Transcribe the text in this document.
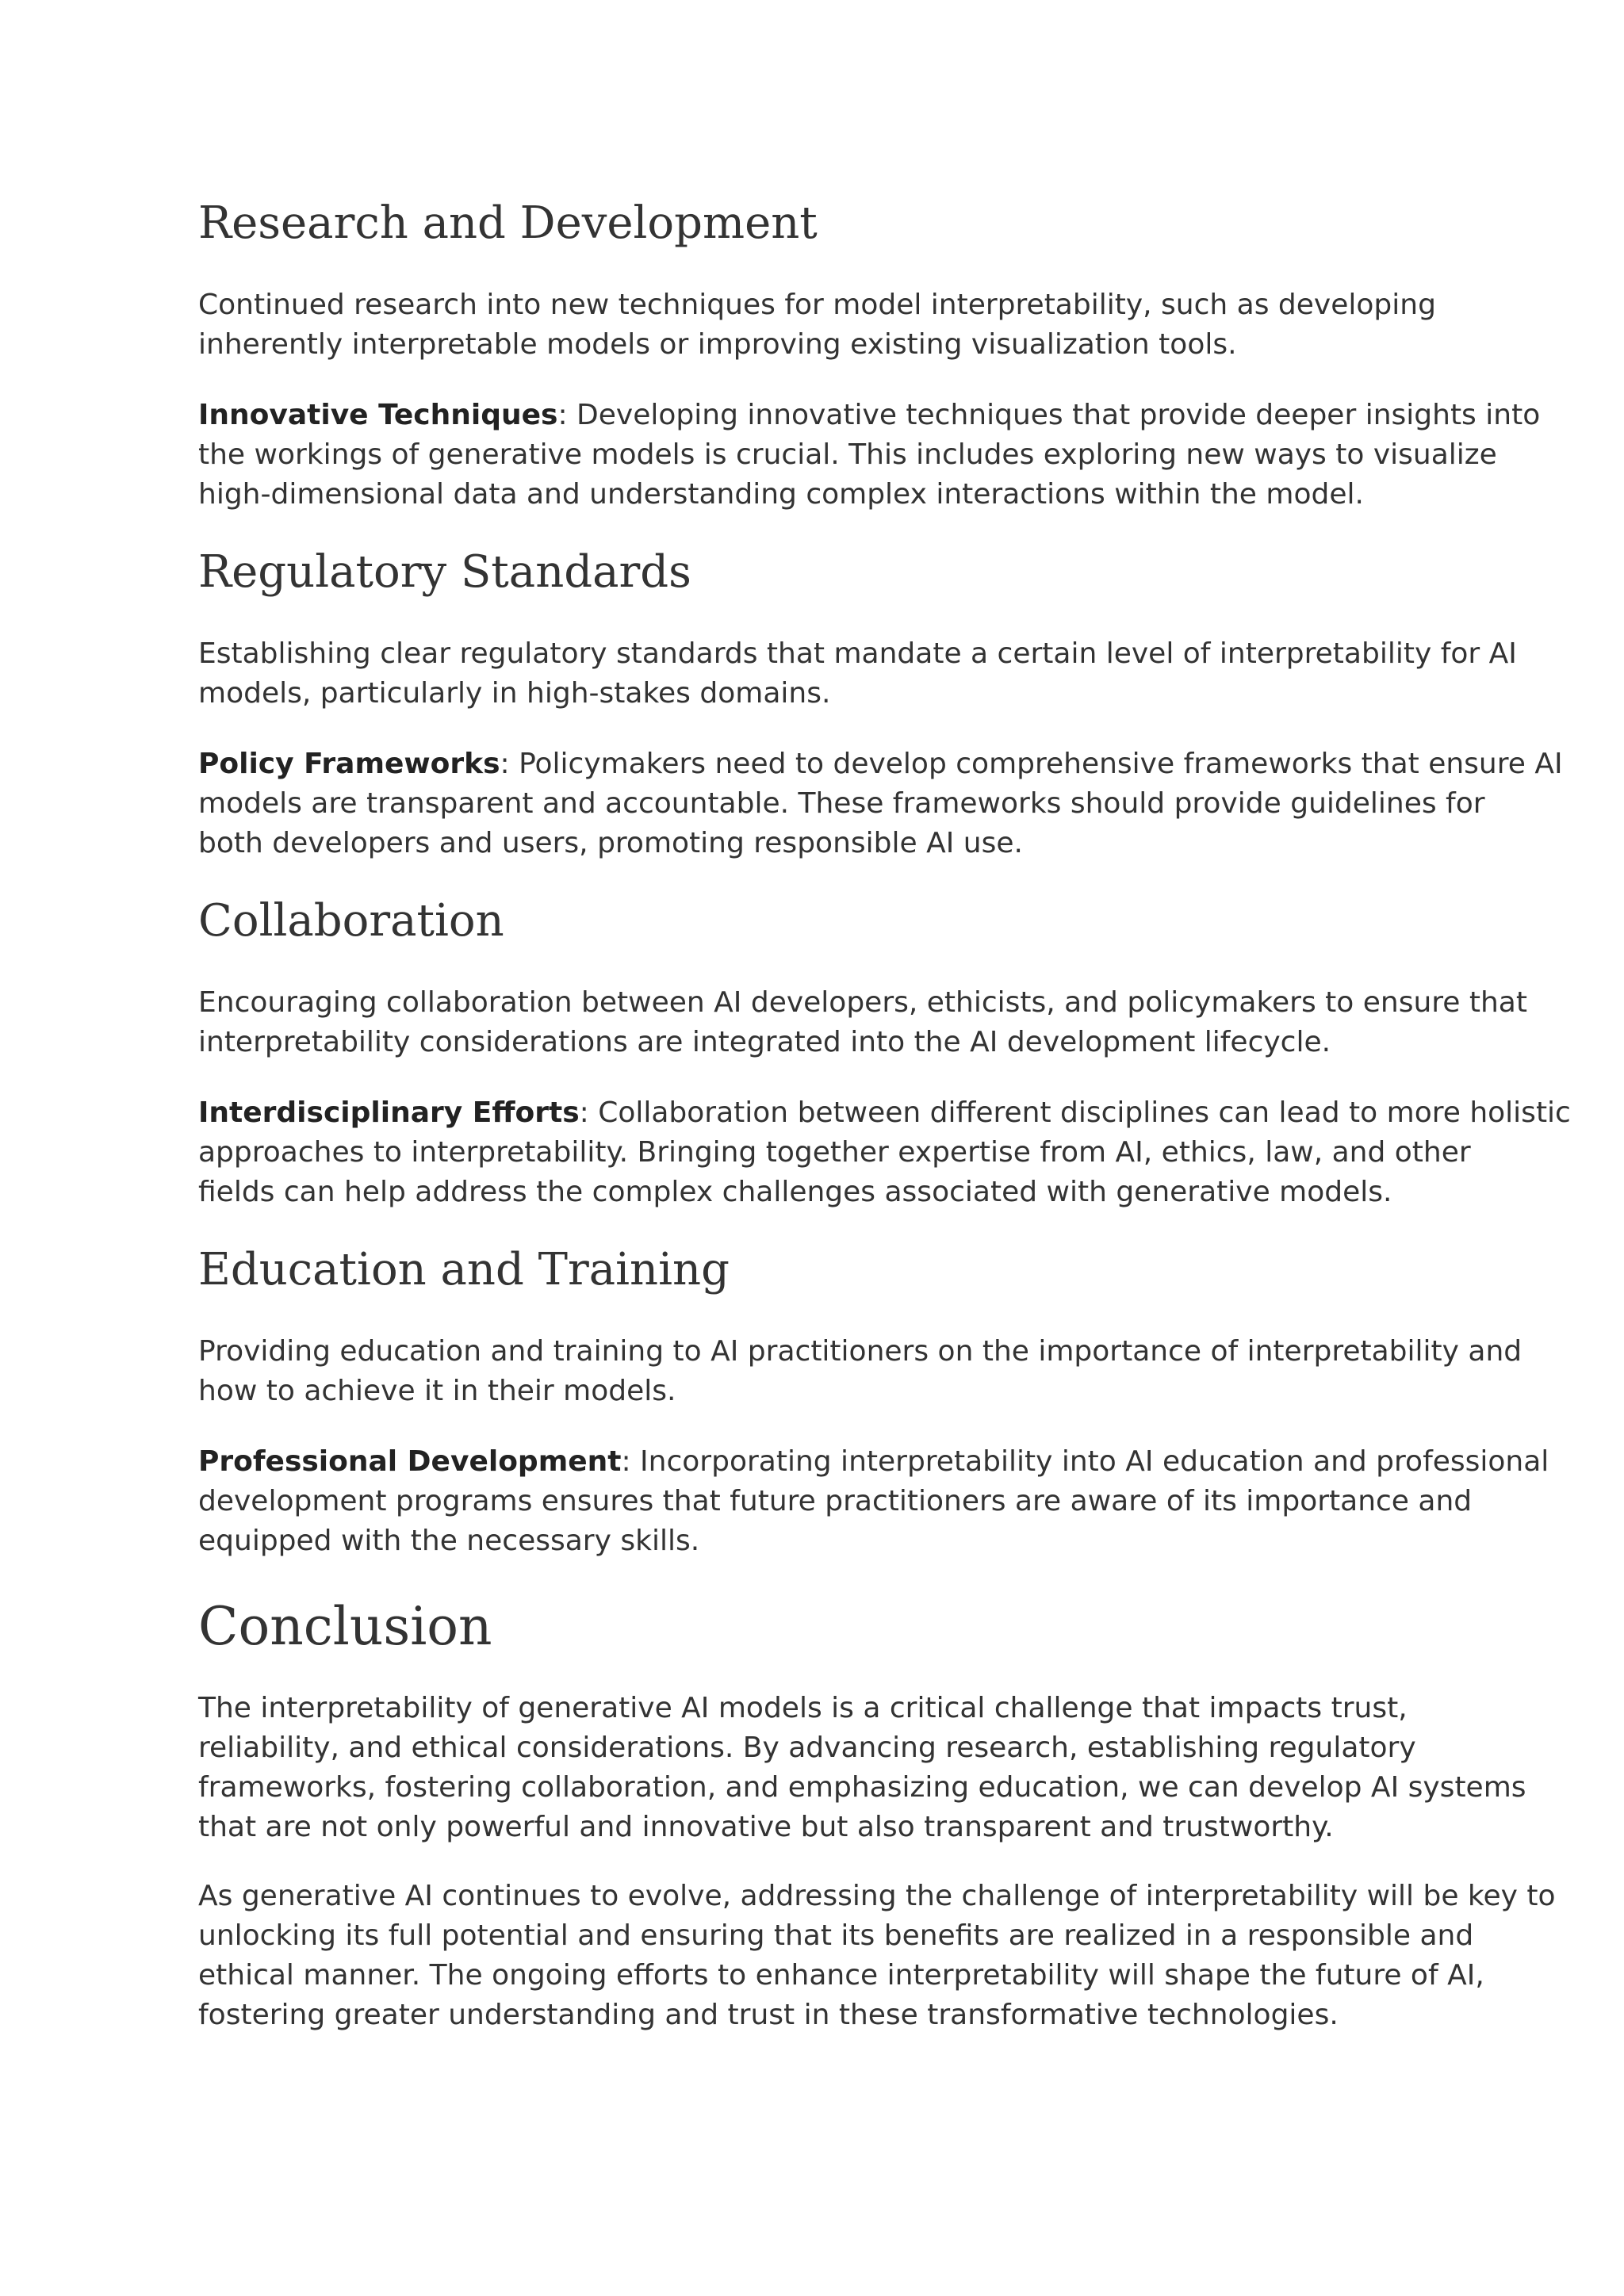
Research and Development

Continued research into new techniques for model interpretability, such as developing
inherently interpretable models or improving existing visualization tools.

Innovative Techniques: Developing innovative techniques that provide deeper insights into
the workings of generative models is crucial. This includes exploring new ways to visualize
high-dimensional data and understanding complex interactions within the model.

Regulatory Standards

Establishing clear regulatory standards that mandate a certain level of interpretability for AI
models, particularly in high-stakes domains.

Policy Frameworks: Policymakers need to develop comprehensive frameworks that ensure AI
models are transparent and accountable. These frameworks should provide guidelines for
both developers and users, promoting responsible AI use.

Collaboration

Encouraging collaboration between AI developers, ethicists, and policymakers to ensure that
interpretability considerations are integrated into the AI development lifecycle.

Interdisciplinary Efforts: Collaboration between different disciplines can lead to more holistic
approaches to interpretability. Bringing together expertise from AI, ethics, law, and other
fields can help address the complex challenges associated with generative models.

Education and Training

Providing education and training to AI practitioners on the importance of interpretability and
how to achieve it in their models.

Professional Development: Incorporating interpretability into AI education and professional
development programs ensures that future practitioners are aware of its importance and
equipped with the necessary skills.

Conclusion

The interpretability of generative AI models is a critical challenge that impacts trust,
reliability, and ethical considerations. By advancing research, establishing regulatory
frameworks, fostering collaboration, and emphasizing education, we can develop AI systems
that are not only powerful and innovative but also transparent and trustworthy.

As generative AI continues to evolve, addressing the challenge of interpretability will be key to
unlocking its full potential and ensuring that its benefits are realized in a responsible and
ethical manner. The ongoing efforts to enhance interpretability will shape the future of AI,
fostering greater understanding and trust in these transformative technologies.
